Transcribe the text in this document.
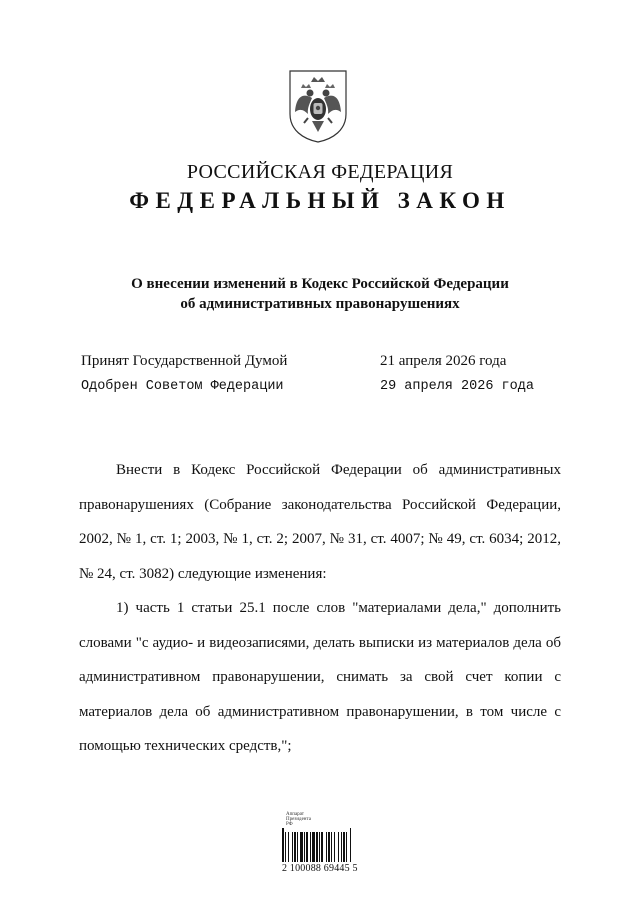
РОССИЙСКАЯ ФЕДЕРАЦИЯ
ФЕДЕРАЛЬНЫЙ ЗАКОН
О внесении изменений в Кодекс Российской Федерации
об административных правонарушениях
Принят Государственной Думой	21 апреля 2026 года
Одобрен Советом Федерации	29 апреля 2026 года

Внести в Кодекс Российской Федерации об административных правонарушениях (Собрание законодательства Российской Федерации, 2002, № 1, ст. 1; 2003, № 1, ст. 2; 2007, № 31, ст. 4007; № 49, ст. 6034; 2012, № 24, ст. 3082) следующие изменения:

1) часть 1 статьи 25.1 после слов "материалами дела," дополнить словами "с аудио- и видеозаписями, делать выписки из материалов дела об административном правонарушении, снимать за свой счет копии с материалов дела об административном правонарушении, в том числе с помощью технических средств,";

Аппарат Президента РФ
2 100088 69445 5
